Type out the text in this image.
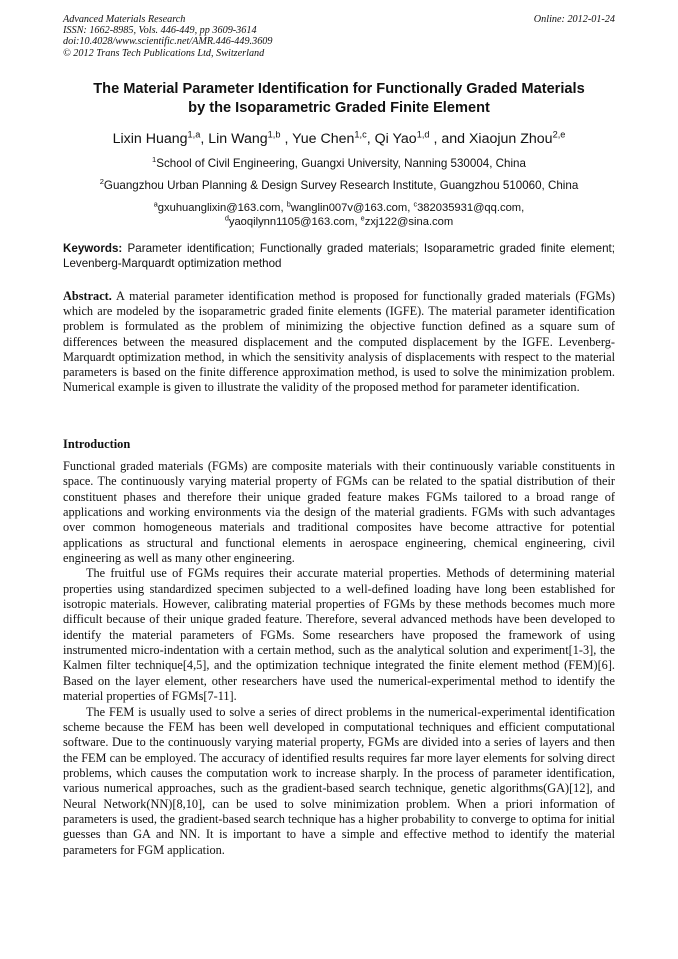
Advanced Materials Research
ISSN: 1662-8985, Vols. 446-449, pp 3609-3614
doi:10.4028/www.scientific.net/AMR.446-449.3609
© 2012 Trans Tech Publications Ltd, Switzerland
Online: 2012-01-24
The Material Parameter Identification for Functionally Graded Materials
by the Isoparametric Graded Finite Element
Lixin Huang$^{1,a}$, Lin Wang$^{1,b}$ , Yue Chen$^{1,c}$, Qi Yao$^{1,d}$ , and Xiaojun Zhou$^{2,e}$
$^1$School of Civil Engineering, Guangxi University, Nanning 530004, China
$^2$Guangzhou Urban Planning & Design Survey Research Institute, Guangzhou 510060, China
$^a$gxuhuanglixin@163.com, $^b$wanglin007v@163.com, $^c$382035931@qq.com,
$^d$yaoqilynn1105@163.com, $^e$zxj122@sina.com
Keywords: Parameter identification; Functionally graded materials; Isoparametric graded finite element; Levenberg-Marquardt optimization method
Abstract. A material parameter identification method is proposed for functionally graded materials (FGMs) which are modeled by the isoparametric graded finite elements (IGFE). The material parameter identification problem is formulated as the problem of minimizing the objective function defined as a square sum of differences between the measured displacement and the computed displacement by the IGFE. Levenberg-Marquardt optimization method, in which the sensitivity analysis of displacements with respect to the material parameters is based on the finite difference approximation method, is used to solve the minimization problem. Numerical example is given to illustrate the validity of the proposed method for parameter identification.
Introduction

Functional graded materials (FGMs) are composite materials with their continuously variable constituents in space. The continuously varying material property of FGMs can be related to the spatial distribution of their constituent phases and therefore their unique graded feature makes FGMs tailored to a broad range of applications and working environments via the design of the material gradients. FGMs with such advantages over common homogeneous materials and traditional composites have become attractive for potential applications as structural and functional elements in aerospace engineering, chemical engineering, civil engineering as well as many other engineering.

The fruitful use of FGMs requires their accurate material properties. Methods of determining material properties using standardized specimen subjected to a well-defined loading have long been established for isotropic materials. However, calibrating material properties of FGMs by these methods becomes much more difficult because of their unique graded feature. Therefore, several advanced methods have been developed to identify the material parameters of FGMs. Some researchers have proposed the framework of using instrumented micro-indentation with a certain method, such as the analytical solution and experiment[1-3], the Kalmen filter technique[4,5], and the optimization technique integrated the finite element method (FEM)[6]. Based on the layer element, other researchers have used the numerical-experimental method to identify the material properties of FGMs[7-11].

The FEM is usually used to solve a series of direct problems in the numerical-experimental identification scheme because the FEM has been well developed in computational techniques and efficient computational software. Due to the continuously varying material property, FGMs are divided into a series of layers and then the FEM can be employed. The accuracy of identified results requires far more layer elements for solving direct problems, which causes the computation work to increase sharply. In the process of parameter identification, various numerical approaches, such as the gradient-based search technique, genetic algorithms(GA)[12], and Neural Network(NN)[8,10], can be used to solve minimization problem. When a priori information of parameters is used, the gradient-based search technique has a higher probability to converge to optima for initial guesses than GA and NN. It is important to have a simple and effective method to identify the material parameters for FGM application.
